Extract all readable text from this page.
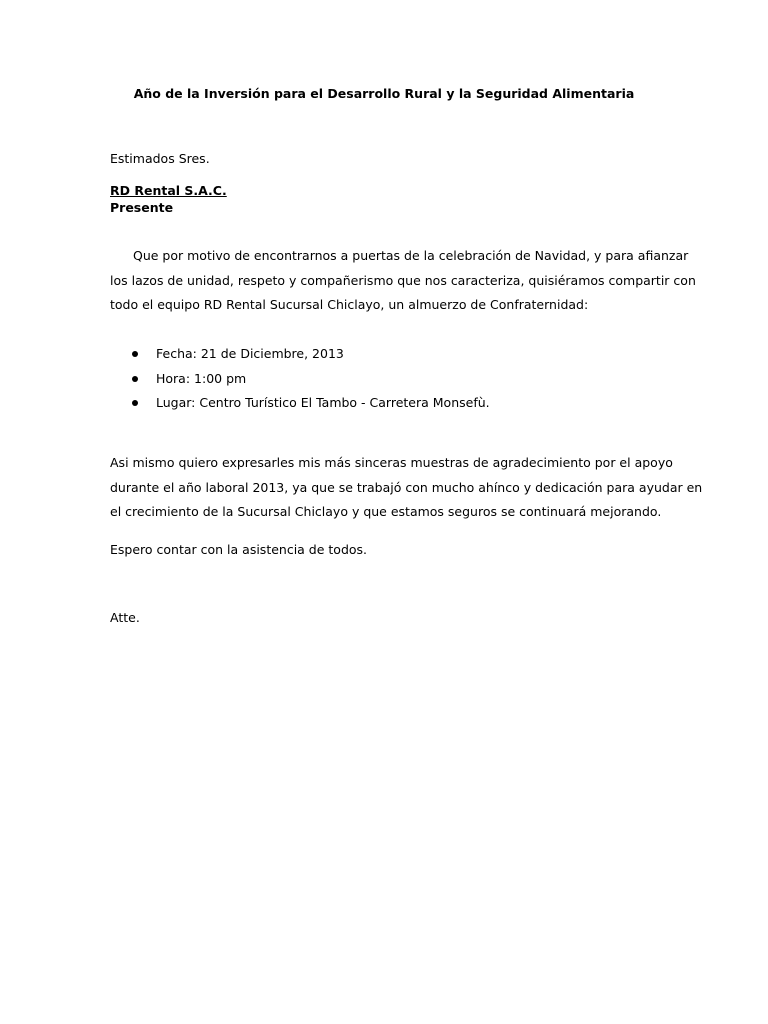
Año de la Inversión para el Desarrollo Rural y la Seguridad Alimentaria
Estimados Sres.
RD Rental S.A.C.
Presente
Que por motivo de encontrarnos a puertas de la celebración de Navidad, y para afianzar
los lazos de unidad, respeto y compañerismo que nos caracteriza, quisiéramos compartir con
todo el equipo RD Rental Sucursal Chiclayo, un almuerzo de Confraternidad:
Fecha: 21 de Diciembre, 2013
Hora: 1:00 pm
Lugar: Centro Turístico El Tambo - Carretera Monsefù.
Asi mismo quiero expresarles mis más sinceras muestras de agradecimiento por el apoyo
durante el año laboral 2013, ya que se trabajó con mucho ahínco y dedicación para ayudar en
el crecimiento de la Sucursal Chiclayo y que estamos seguros se continuará mejorando.
Espero contar con la asistencia de todos.
Atte.
